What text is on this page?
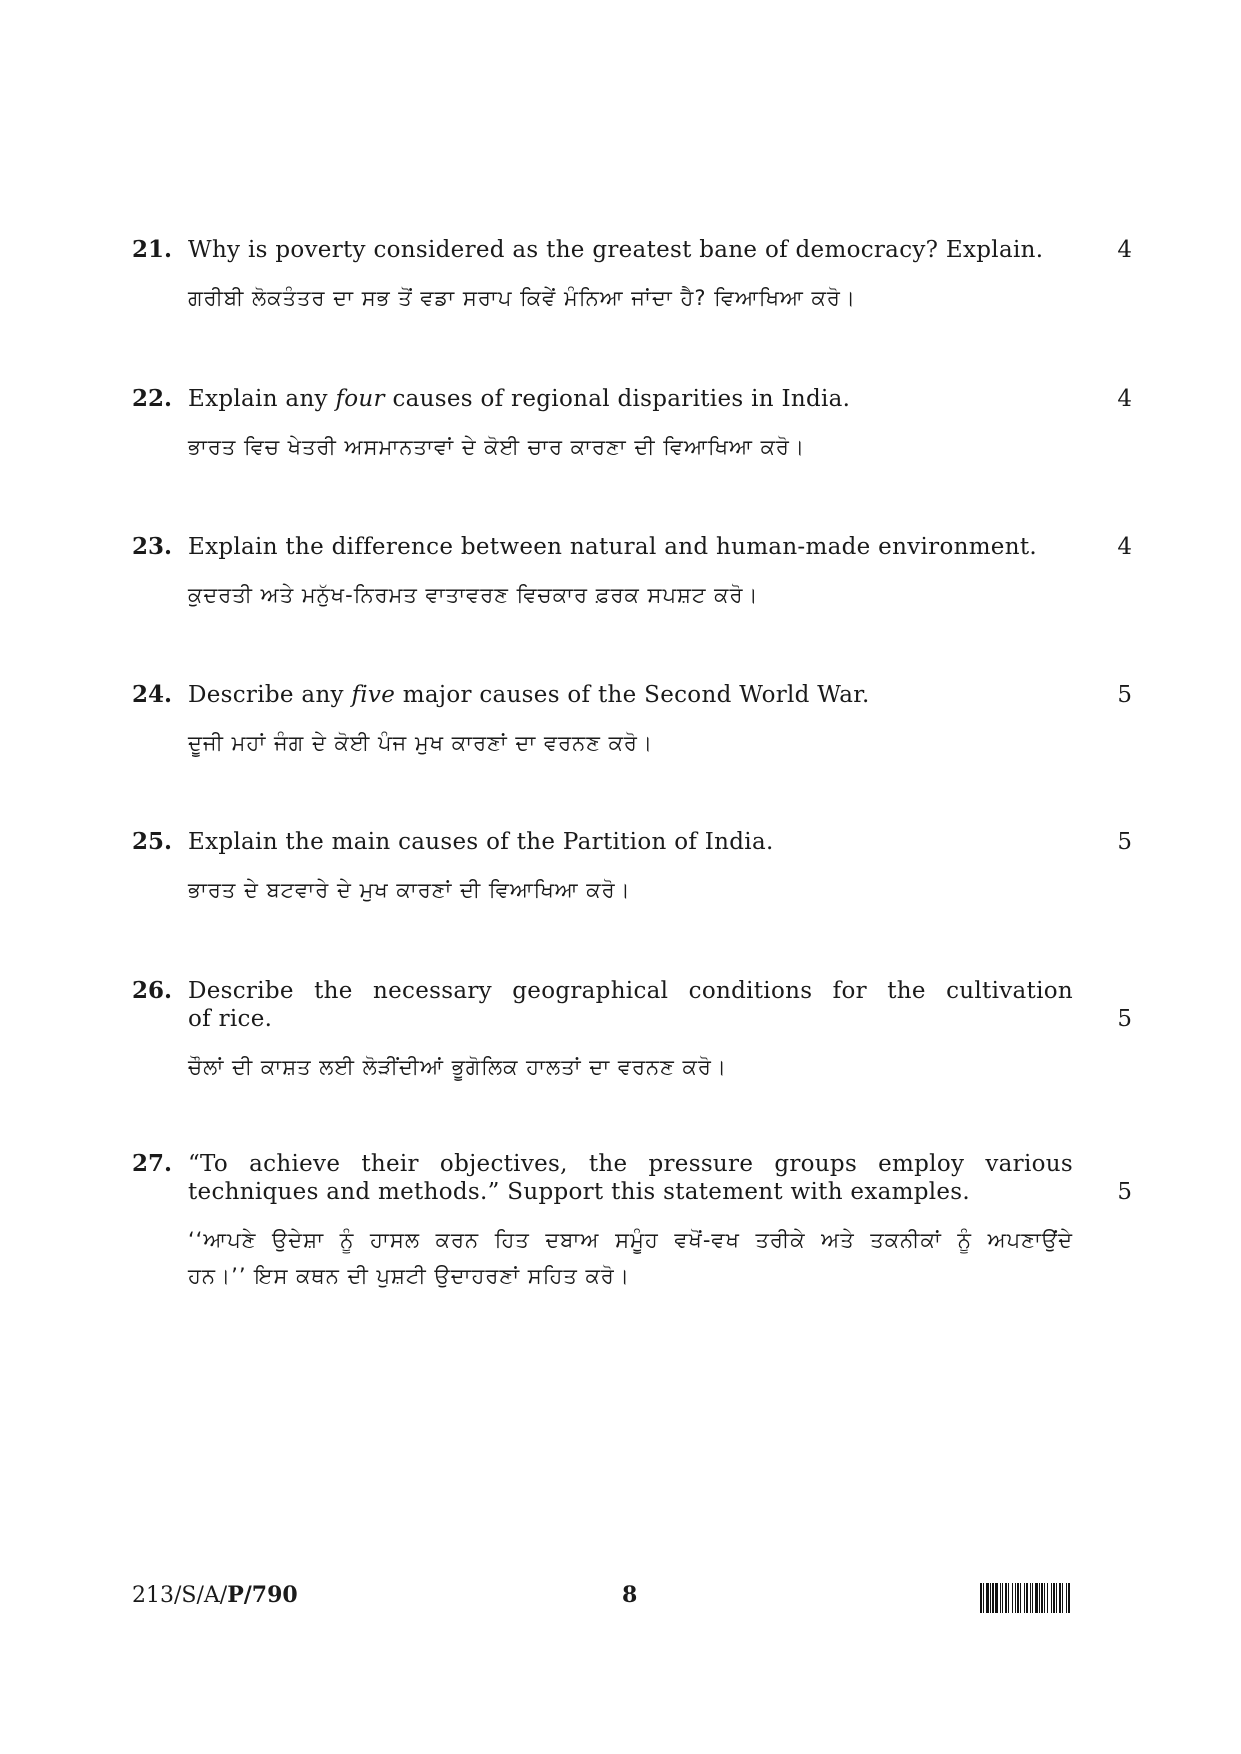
21. Why is poverty considered as the greatest bane of democracy? Explain.	4
ਗਰੀਬੀ ਲੋਕਤੰਤਰ ਦਾ ਸਭ ਤੋਂ ਵਡਾ ਸਰਾਪ ਕਿਵੇਂ ਮੰਨਿਆ ਜਾਂਦਾ ਹੈ? ਵਿਆਖਿਆ ਕਰੋ।
22. Explain any four causes of regional disparities in India.	4
ਭਾਰਤ ਵਿਚ ਖੇਤਰੀ ਅਸਮਾਨਤਾਵਾਂ ਦੇ ਕੋਈ ਚਾਰ ਕਾਰਣਾ ਦੀ ਵਿਆਖਿਆ ਕਰੋ।
23. Explain the difference between natural and human-made environment.	4
ਕੁਦਰਤੀ ਅਤੇ ਮਨੁੱਖ-ਨਿਰਮਤ ਵਾਤਾਵਰਣ ਵਿਚਕਾਰ ਫ਼ਰਕ ਸਪਸ਼ਟ ਕਰੋ।
24. Describe any five major causes of the Second World War.	5
ਦੂਜੀ ਮਹਾਂ ਜੰਗ ਦੇ ਕੋਈ ਪੰਜ ਮੁਖ ਕਾਰਣਾਂ ਦਾ ਵਰਨਣ ਕਰੋ।
25. Explain the main causes of the Partition of India.	5
ਭਾਰਤ ਦੇ ਬਟਵਾਰੇ ਦੇ ਮੁਖ ਕਾਰਣਾਂ ਦੀ ਵਿਆਖਿਆ ਕਰੋ।
26. Describe the necessary geographical conditions for the cultivation
of rice.	5
ਚੌਲਾਂ ਦੀ ਕਾਸ਼ਤ ਲਈ ਲੋੜੀਂਦੀਆਂ ਭੂਗੋਲਿਕ ਹਾਲਤਾਂ ਦਾ ਵਰਨਣ ਕਰੋ।
27. “To achieve their objectives, the pressure groups employ various
techniques and methods.” Support this statement with examples.	5
‘‘ਆਪਣੇ ਉਦੇਸ਼ਾ ਨੂੰ ਹਾਸਲ ਕਰਨ ਹਿਤ ਦਬਾਅ ਸਮੂੰਹ ਵਖੋਂ-ਵਖ ਤਰੀਕੇ ਅਤੇ ਤਕਨੀਕਾਂ ਨੂੰ ਅਪਣਾਉਂਦੇ
ਹਨ।’’ ਇਸ ਕਥਨ ਦੀ ਪੁਸ਼ਟੀ ਉਦਾਹਰਣਾਂ ਸਹਿਤ ਕਰੋ।
213/S/A/P/790	8
